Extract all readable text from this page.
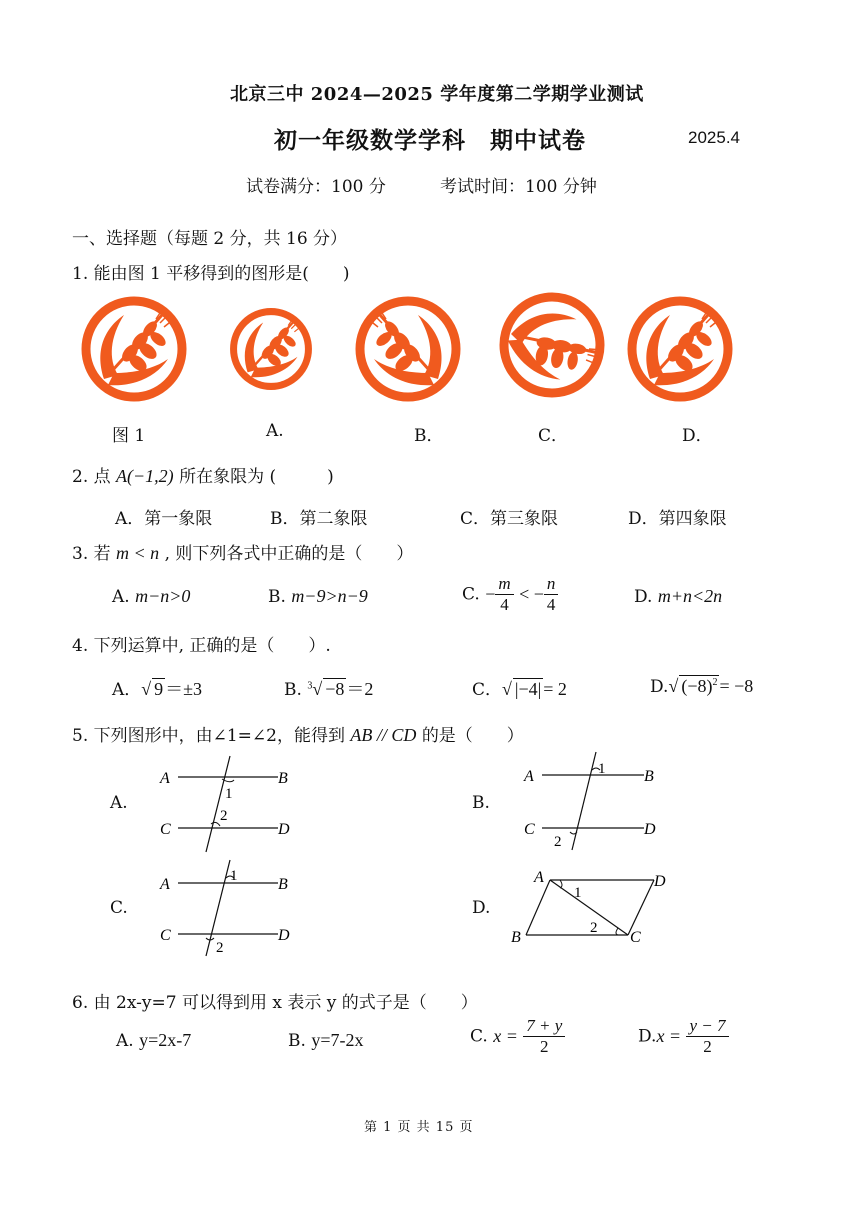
北京三中 2024—2025 学年度第二学期学业测试
初一年级数学学科　期中试卷	2025.4
试卷满分：100 分	考试时间：100 分钟
一、选择题（每题 2 分，共 16 分）
1. 能由图 1 平移得到的图形是(　　)
图 1	A.	B．	C．	D．
2. 点 A(−1,2) 所在象限为 (　　　)
A．第一象限	B．第二象限	C．第三象限	D．第四象限
3. 若 m < n , 则下列各式中正确的是（　　）
A. m−n>0	B. m−9>n−9	C. − $\frac{m}{4}$ < − $\frac{n}{4}$	D. m+n<2n
4. 下列运算中, 正确的是（　　）.
A．√ 9 ＝±3	B. $^3$√ −8 ＝2	C．√ |−4| = 2	D.√ $(-8)^2 = -8$
5. 下列图形中，由∠1=∠2，能得到 AB // CD 的是（　　）
A.	B.
C.	D.
A	B
C	D
1
2
A	B
C	D
1
2
A	B
C	D
1
2
A	D
B	C
1
2
6. 由 2x-y=7 可以得到用 x 表示 y 的式子是（　　）
A. y=2x-7	B. y=7-2x	C. $x = \frac{7 + y}{2}$	$D.x = \frac{y - 7}{2}$
第 1 页 共 15 页
